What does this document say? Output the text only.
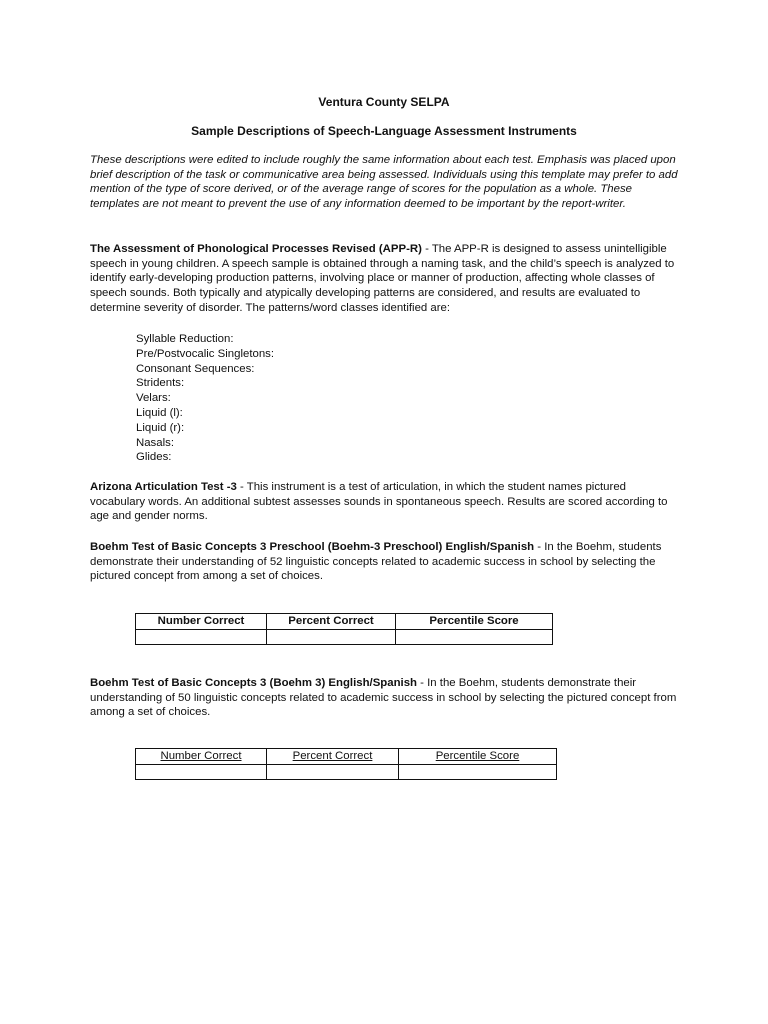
Ventura County SELPA
Sample Descriptions of Speech-Language Assessment Instruments
These descriptions were edited to include roughly the same information about each test. Emphasis was placed upon brief description of the task or communicative area being assessed. Individuals using this template may prefer to add mention of the type of score derived, or of the average range of scores for the population as a whole. These templates are not meant to prevent the use of any information deemed to be important by the report-writer.
The Assessment of Phonological Processes Revised (APP-R) - The APP-R is designed to assess unintelligible speech in young children. A speech sample is obtained through a naming task, and the child’s speech is analyzed to identify early-developing production patterns, involving place or manner of production, affecting whole classes of speech sounds. Both typically and atypically developing patterns are considered, and results are evaluated to determine severity of disorder. The patterns/word classes identified are:
Syllable Reduction:
Pre/Postvocalic Singletons:
Consonant Sequences:
Stridents:
Velars:
Liquid (l):
Liquid (r):
Nasals:
Glides:
Arizona Articulation Test -3 - This instrument is a test of articulation, in which the student names pictured vocabulary words. An additional subtest assesses sounds in spontaneous speech. Results are scored according to age and gender norms.
Boehm Test of Basic Concepts 3 Preschool (Boehm-3 Preschool) English/Spanish - In the Boehm, students demonstrate their understanding of 52 linguistic concepts related to academic success in school by selecting the pictured concept from among a set of choices.
Number Correct	Percent Correct	Percentile Score

Boehm Test of Basic Concepts 3 (Boehm 3) English/Spanish - In the Boehm, students demonstrate their understanding of 50 linguistic concepts related to academic success in school by selecting the pictured concept from among a set of choices.
Number Correct	Percent Correct	Percentile Score
